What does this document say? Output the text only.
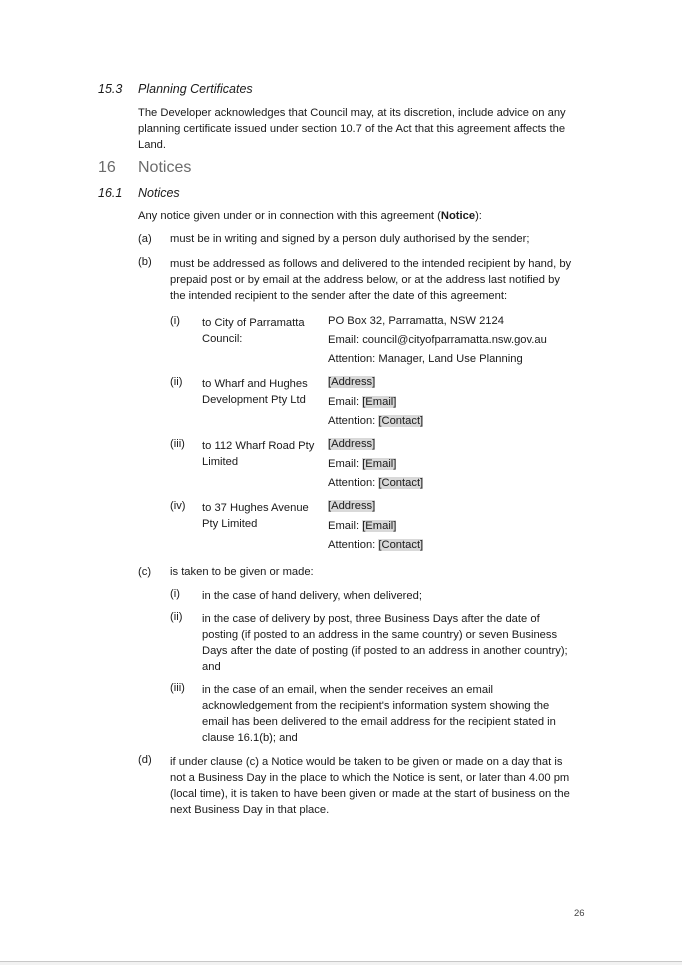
15.3 Planning Certificates
The Developer acknowledges that Council may, at its discretion, include advice on any
planning certificate issued under section 10.7 of the Act that this agreement affects the
Land.
16 Notices
16.1 Notices
Any notice given under or in connection with this agreement (Notice):
(a) must be in writing and signed by a person duly authorised by the sender;
(b) must be addressed as follows and delivered to the intended recipient by hand, by
prepaid post or by email at the address below, or at the address last notified by
the intended recipient to the sender after the date of this agreement:
(i) to City of Parramatta
Council:
PO Box 32, Parramatta, NSW 2124
Email: council@cityofparramatta.nsw.gov.au
Attention: Manager, Land Use Planning
(ii) to Wharf and Hughes
Development Pty Ltd
[Address]
Email: [Email]
Attention: [Contact]
(iii) to 112 Wharf Road Pty
Limited
[Address]
Email: [Email]
Attention: [Contact]
(iv) to 37 Hughes Avenue
Pty Limited
[Address]
Email: [Email]
Attention: [Contact]
(c) is taken to be given or made:
(i) in the case of hand delivery, when delivered;
(ii) in the case of delivery by post, three Business Days after the date of
posting (if posted to an address in the same country) or seven Business
Days after the date of posting (if posted to an address in another country);
and
(iii) in the case of an email, when the sender receives an email
acknowledgement from the recipient's information system showing the
email has been delivered to the email address for the recipient stated in
clause 16.1(b); and
(d) if under clause (c) a Notice would be taken to be given or made on a day that is
not a Business Day in the place to which the Notice is sent, or later than 4.00 pm
(local time), it is taken to have been given or made at the start of business on the
next Business Day in that place.
26
